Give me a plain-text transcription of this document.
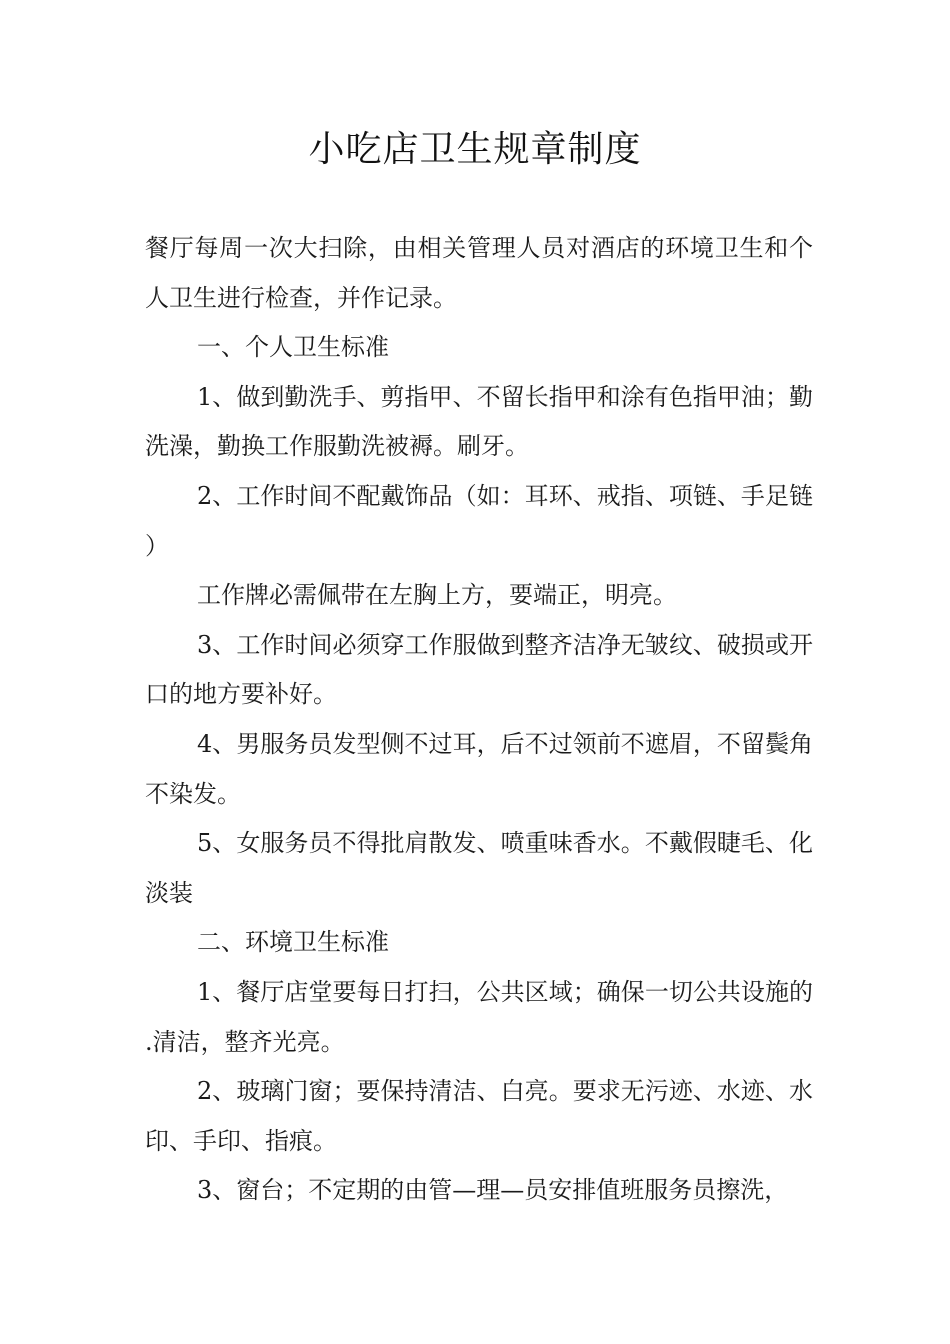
小吃店卫生规章制度

餐厅每周一次大扫除，由相关管理人员对酒店的环境卫生和个人卫生进行检查，并作记录。

一、个人卫生标准

1、做到勤洗手、剪指甲、不留长指甲和涂有色指甲油；勤洗澡，勤换工作服勤洗被褥。刷牙。

2、工作时间不配戴饰品（如：耳环、戒指、项链、手足链）

工作牌必需佩带在左胸上方，要端正，明亮。

3、工作时间必须穿工作服做到整齐洁净无皱纹、破损或开口的地方要补好。

4、男服务员发型侧不过耳，后不过领前不遮眉，不留鬓角不染发。

5、女服务员不得批肩散发、喷重味香水。不戴假睫毛、化淡装

二、环境卫生标准

1、餐厅店堂要每日打扫，公共区域；确保一切公共设施的.清洁，整齐光亮。

2、玻璃门窗；要保持清洁、白亮。要求无污迹、水迹、水印、手印、指痕。

3、窗台；不定期的由管—理—员安排值班服务员擦洗，
